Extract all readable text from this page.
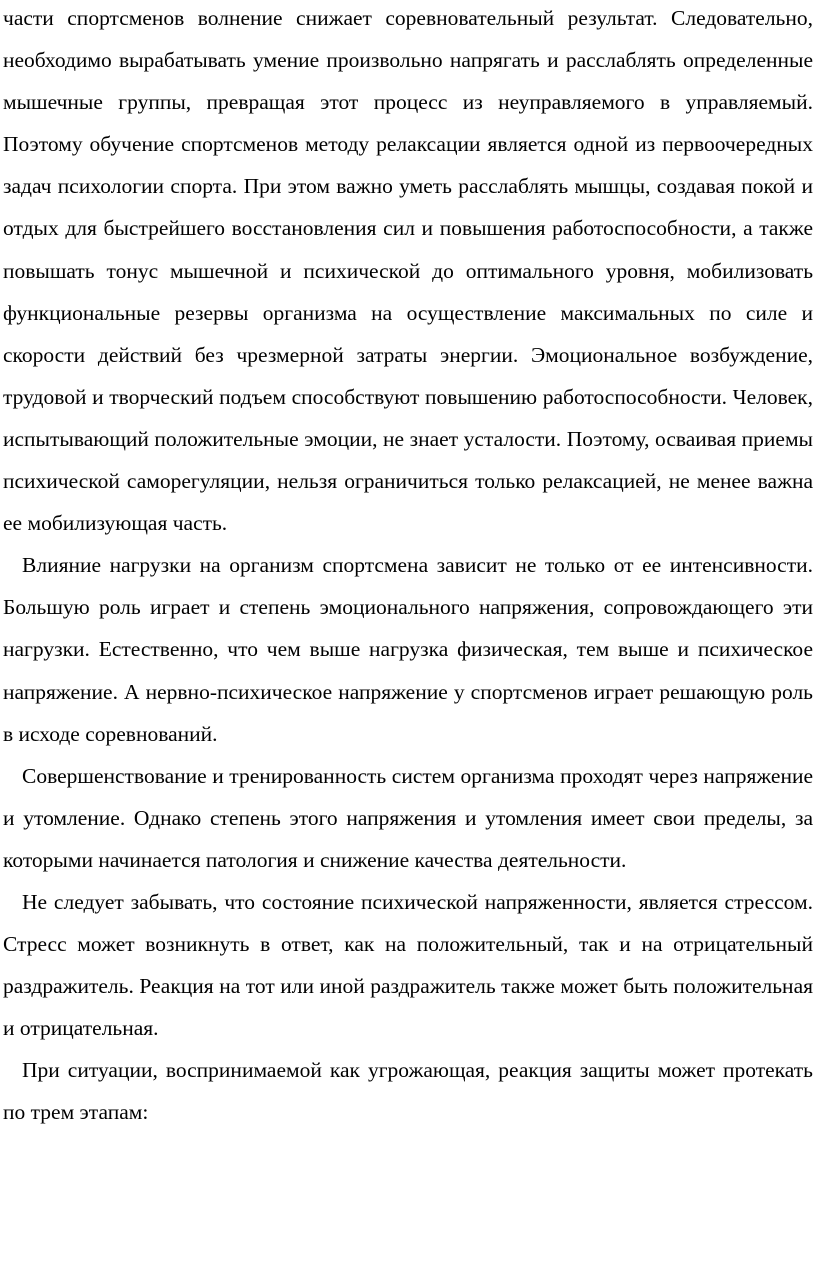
части спортсменов волнение снижает соревновательный результат. Следовательно, необходимо вырабатывать умение произвольно напрягать и расслаблять определенные мышечные группы, превращая этот процесс из неуправляемого в управляемый. Поэтому обучение спортсменов методу релаксации является одной из первоочередных задач психологии спорта. При этом важно уметь расслаблять мышцы, создавая покой и отдых для быстрейшего восстановления сил и повышения работоспособности, а также повышать тонус мышечной и психической до оптимального уровня, мобилизовать функциональные резервы организма на осуществление максимальных по силе и скорости действий без чрезмерной затраты энергии. Эмоциональное возбуждение, трудовой и творческий подъем способствуют повышению работоспособности. Человек, испытывающий положительные эмоции, не знает усталости. Поэтому, осваивая приемы психической саморегуляции, нельзя ограничиться только релаксацией, не менее важна ее мобилизующая часть.

Влияние нагрузки на организм спортсмена зависит не только от ее интенсивности. Большую роль играет и степень эмоционального напряжения, сопровождающего эти нагрузки. Естественно, что чем выше нагрузка физическая, тем выше и психическое напряжение. А нервно-психическое напряжение у спортсменов играет решающую роль в исходе соревнований.

Совершенствование и тренированность систем организма проходят через напряжение и утомление. Однако степень этого напряжения и утомления имеет свои пределы, за которыми начинается патология и снижение качества деятельности.

Не следует забывать, что состояние психической напряженности, является стрессом. Стресс может возникнуть в ответ, как на положительный, так и на отрицательный раздражитель. Реакция на тот или иной раздражитель также может быть положительная и отрицательная.

При ситуации, воспринимаемой как угрожающая, реакция защиты может протекать по трем этапам:
